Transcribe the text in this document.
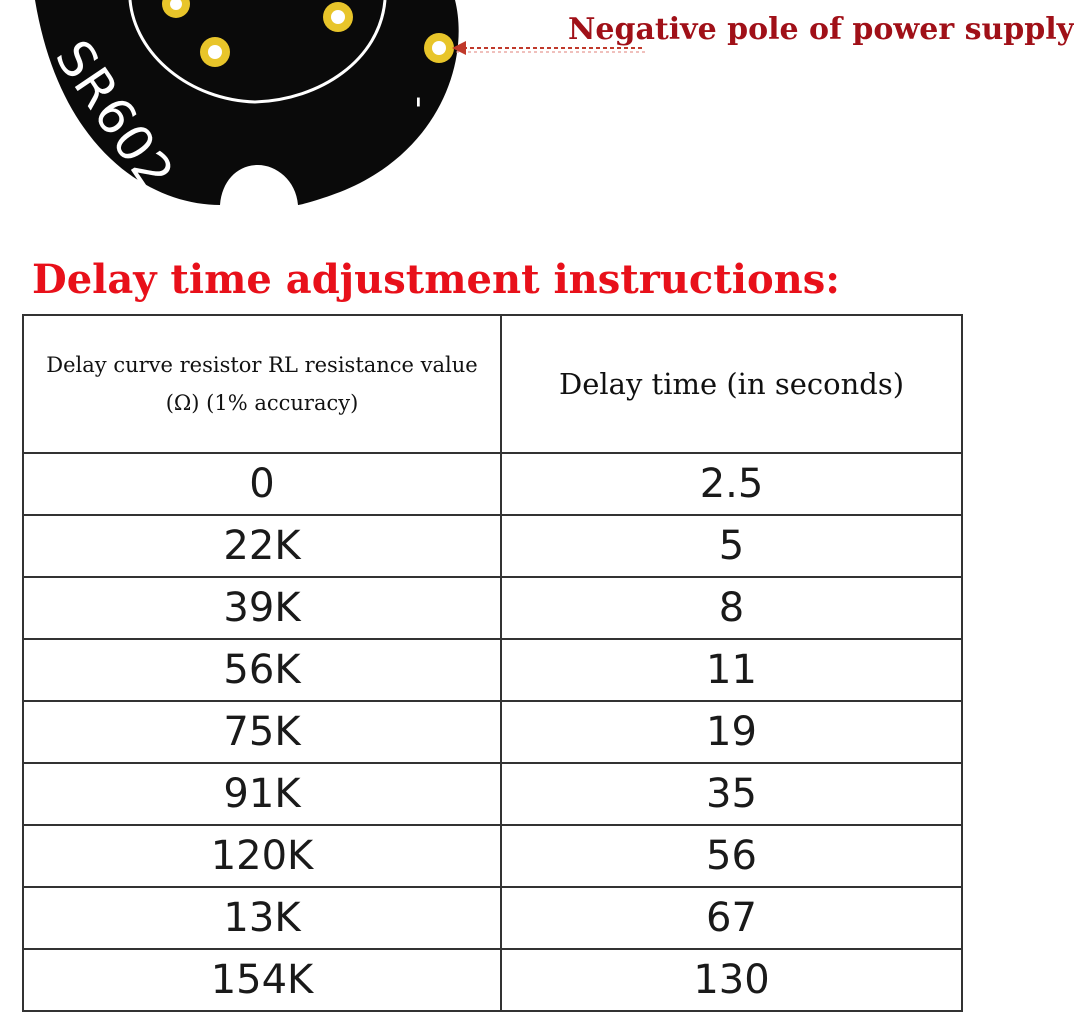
SR602	-
Negative pole of power supply
Delay time adjustment instructions:
Delay curve resistor RL resistance value
(Ω) (1% accuracy)	Delay time (in seconds)
0	2.5
22K	5
39K	8
56K	11
75K	19
91K	35
120K	56
13K	67
154K	130
